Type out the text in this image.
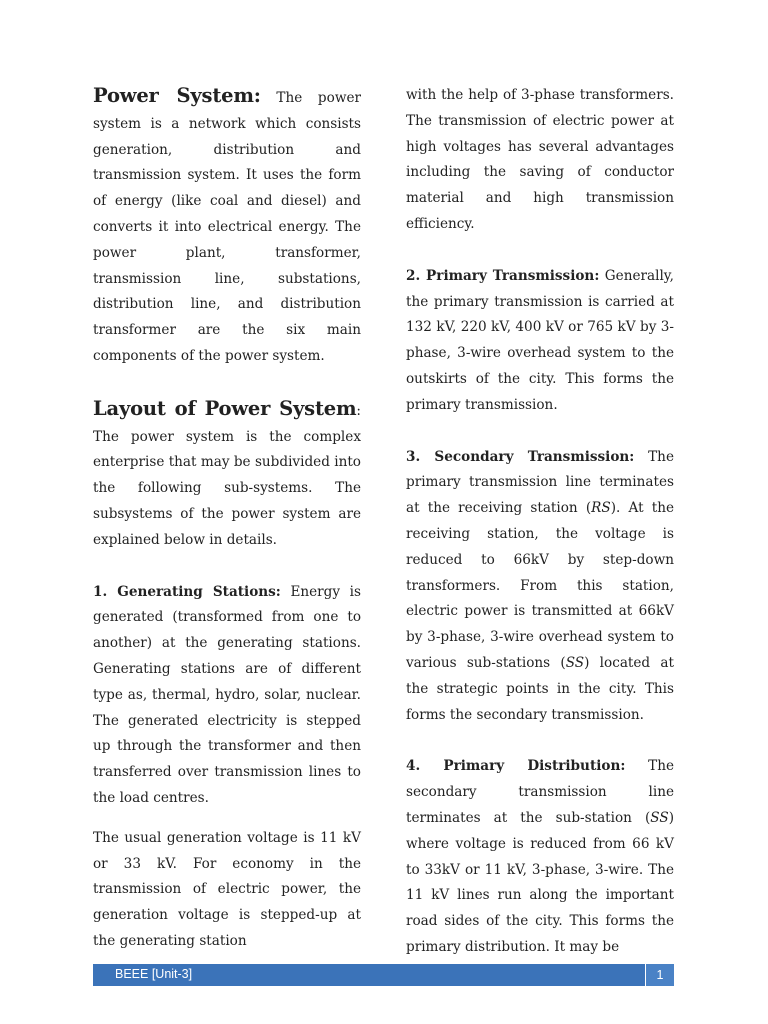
Power System: The power system is a network which consists generation, distribution and transmission system. It uses the form of energy (like coal and diesel) and converts it into electrical energy. The power plant, transformer, transmission line, substations, distribution line, and distribution transformer are the six main components of the power system.

Layout of Power System: The power system is the complex enterprise that may be subdivided into the following sub-systems. The subsystems of the power system are explained below in details.

1. Generating Stations: Energy is generated (transformed from one to another) at the generating stations. Generating stations are of different type as, thermal, hydro, solar, nuclear. The generated electricity is stepped up through the transformer and then transferred over transmission lines to the load centres.

The usual generation voltage is 11 kV or 33 kV. For economy in the transmission of electric power, the generation voltage is stepped-up at the generating station

with the help of 3-phase transformers. The transmission of electric power at high voltages has several advantages including the saving of conductor material and high transmission efficiency.

2. Primary Transmission: Generally, the primary transmission is carried at 132 kV, 220 kV, 400 kV or 765 kV by 3-phase, 3-wire overhead system to the outskirts of the city. This forms the primary transmission.

3. Secondary Transmission: The primary transmission line terminates at the receiving station (RS). At the receiving station, the voltage is reduced to 66kV by step-down transformers. From this station, electric power is transmitted at 66kV by 3-phase, 3-wire overhead system to various sub-stations (SS) located at the strategic points in the city. This forms the secondary transmission.

4. Primary Distribution: The secondary transmission line terminates at the sub-station (SS) where voltage is reduced from 66 kV to 33kV or 11 kV, 3-phase, 3-wire. The 11 kV lines run along the important road sides of the city. This forms the primary distribution. It may be

BEEE [Unit-3]	1
